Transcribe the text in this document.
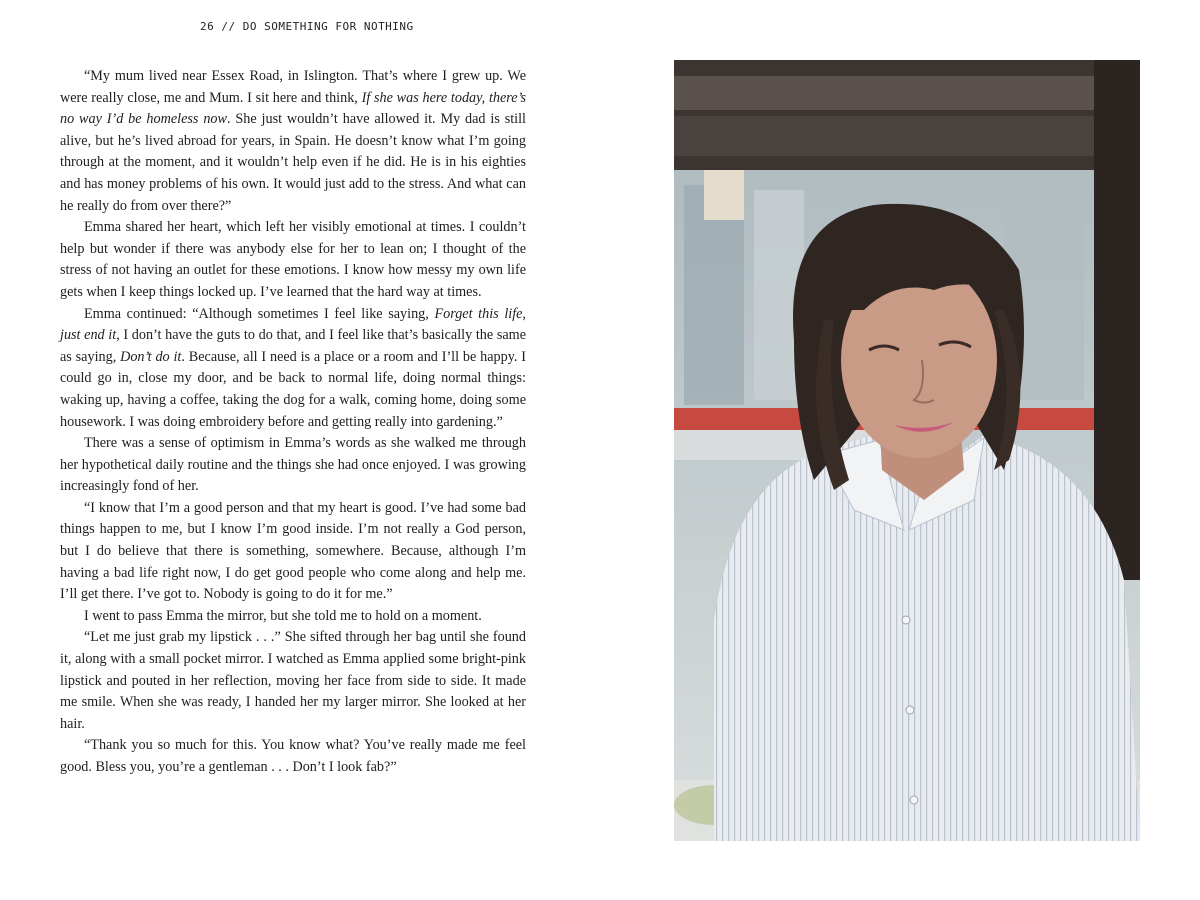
26 // DO SOMETHING FOR NOTHING

“My mum lived near Essex Road, in Islington. That’s where I grew up. We were really close, me and Mum. I sit here and think, If she was here today, there’s no way I’d be homeless now. She just wouldn’t have allowed it. My dad is still alive, but he’s lived abroad for years, in Spain. He doesn’t know what I’m going through at the moment, and it wouldn’t help even if he did. He is in his eighties and has money problems of his own. It would just add to the stress. And what can he really do from over there?”

Emma shared her heart, which left her visibly emotional at times. I couldn’t help but wonder if there was anybody else for her to lean on; I thought of the stress of not having an outlet for these emotions. I know how messy my own life gets when I keep things locked up. I’ve learned that the hard way at times.

Emma continued: “Although sometimes I feel like saying, Forget this life, just end it, I don’t have the guts to do that, and I feel like that’s basically the same as saying, Don’t do it. Because, all I need is a place or a room and I’ll be happy. I could go in, close my door, and be back to normal life, doing normal things: waking up, having a coffee, taking the dog for a walk, coming home, doing some housework. I was doing embroidery before and getting really into gardening.”

There was a sense of optimism in Emma’s words as she walked me through her hypothetical daily routine and the things she had once enjoyed. I was growing increasingly fond of her.

“I know that I’m a good person and that my heart is good. I’ve had some bad things happen to me, but I know I’m good inside. I’m not really a God person, but I do believe that there is something, somewhere. Because, although I’m having a bad life right now, I do get good people who come along and help me. I’ll get there. I’ve got to. Nobody is going to do it for me.”

I went to pass Emma the mirror, but she told me to hold on a moment.

“Let me just grab my lipstick . . .” She sifted through her bag until she found it, along with a small pocket mirror. I watched as Emma applied some bright-pink lipstick and pouted in her reflection, moving her face from side to side. It made me smile. When she was ready, I handed her my larger mirror. She looked at her hair.

“Thank you so much for this. You know what? You’ve really made me feel good. Bless you, you’re a gentleman . . . Don’t I look fab?”
